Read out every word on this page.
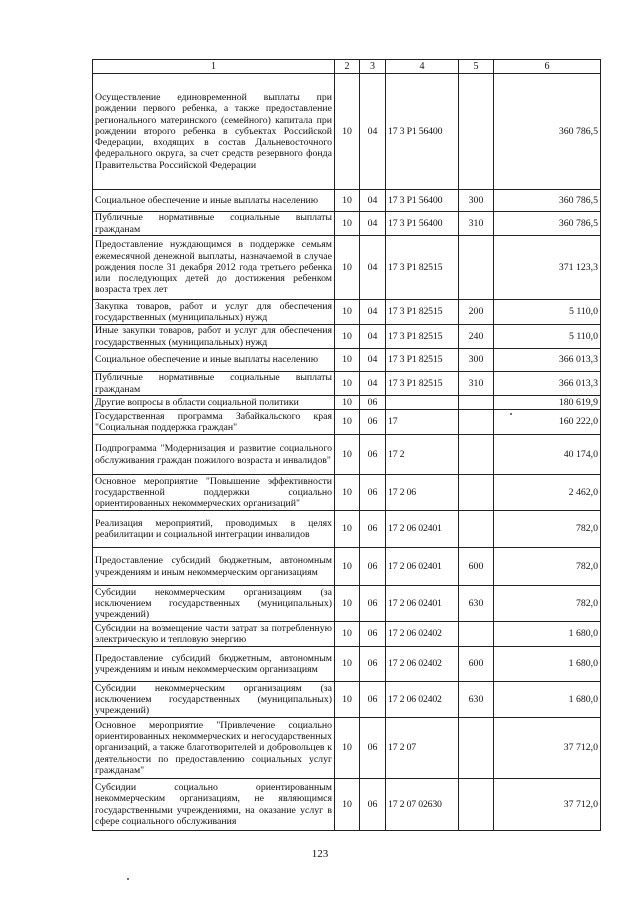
1	2	3	4	5	6
Осуществление единовременной выплаты при рождении первого ребенка, а также предоставление регионального материнского (семейного) капитала при рождении второго ребенка в субъектах Российской Федерации, входящих в состав Дальневосточного федерального округа, за счет средств резервного фонда Правительства Российской Федерации	10	04	17 3 P1 56400		360 786,5
Социальное обеспечение и иные выплаты населению	10	04	17 3 P1 56400	300	360 786,5
Публичные нормативные социальные выплаты гражданам	10	04	17 3 P1 56400	310	360 786,5
Предоставление нуждающимся в поддержке семьям ежемесячной денежной выплаты, назначаемой в случае рождения после 31 декабря 2012 года третьего ребенка или последующих детей до достижения ребенком возраста трех лет	10	04	17 3 P1 82515		371 123,3
Закупка товаров, работ и услуг для обеспечения государственных (муниципальных) нужд	10	04	17 3 P1 82515	200	5 110,0
Иные закупки товаров, работ и услуг для обеспечения государственных (муниципальных) нужд	10	04	17 3 P1 82515	240	5 110,0
Социальное обеспечение и иные выплаты населению	10	04	17 3 P1 82515	300	366 013,3
Публичные нормативные социальные выплаты гражданам	10	04	17 3 P1 82515	310	366 013,3
Другие вопросы в области социальной политики	10	06			180 619,9
Государственная программа Забайкальского края "Социальная поддержка граждан"	10	06	17		160 222,0
Подпрограмма "Модернизация и развитие социального обслуживания граждан пожилого возраста и инвалидов"	10	06	17 2		40 174,0
Основное мероприятие "Повышение эффективности государственной поддержки социально ориентированных некоммерческих организаций"	10	06	17 2 06		2 462,0
Реализация мероприятий, проводимых в целях реабилитации и социальной интеграции инвалидов	10	06	17 2 06 02401		782,0
Предоставление субсидий бюджетным, автономным учреждениям и иным некоммерческим организациям	10	06	17 2 06 02401	600	782,0
Субсидии некоммерческим организациям (за исключением государственных (муниципальных) учреждений)	10	06	17 2 06 02401	630	782,0
Субсидии на возмещение части затрат за потребленную электрическую и тепловую энергию	10	06	17 2 06 02402		1 680,0
Предоставление субсидий бюджетным, автономным учреждениям и иным некоммерческим организациям	10	06	17 2 06 02402	600	1 680,0
Субсидии некоммерческим организациям (за исключением государственных (муниципальных) учреждений)	10	06	17 2 06 02402	630	1 680,0
Основное мероприятие "Привлечение социально ориентированных некоммерческих и негосударственных организаций, а также благотворителей и добровольцев к деятельности по предоставлению социальных услуг гражданам"	10	06	17 2 07		37 712,0
Субсидии социально ориентированным некоммерческим организациям, не являющимся государственными учреждениями, на оказание услуг в сфере социального обслуживания	10	06	17 2 07 02630		37 712,0
123
